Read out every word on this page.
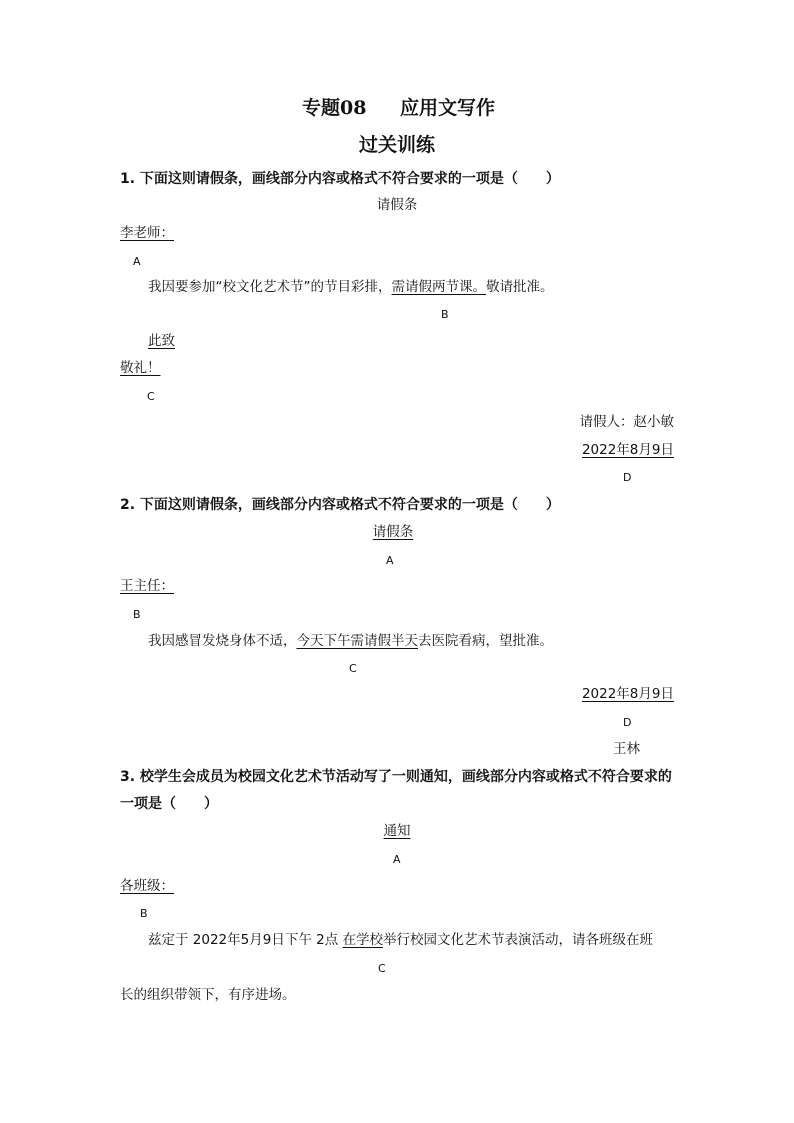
专题08 应用文写作
过关训练
1. 下面这则请假条，画线部分内容或格式不符合要求的一项是（　　）
请假条
李老师：
A
我因要参加“校文化艺术节”的节目彩排，需请假两节课。敬请批准。
B
此致
敬礼！
C
请假人：赵小敏
2022年8月9日
D
2. 下面这则请假条，画线部分内容或格式不符合要求的一项是（　　）
请假条
A
王主任：
B
我因感冒发烧身体不适，今天下午需请假半天去医院看病，望批准。
C
2022年8月9日
D
王林
3. 校学生会成员为校园文化艺术节活动写了一则通知，画线部分内容或格式不符合要求的
一项是（　　）
通知
A
各班级：
B
兹定于 2022年5月9日下午 2点 在学校举行校园文化艺术节表演活动，请各班级在班
C
长的组织带领下，有序进场。
